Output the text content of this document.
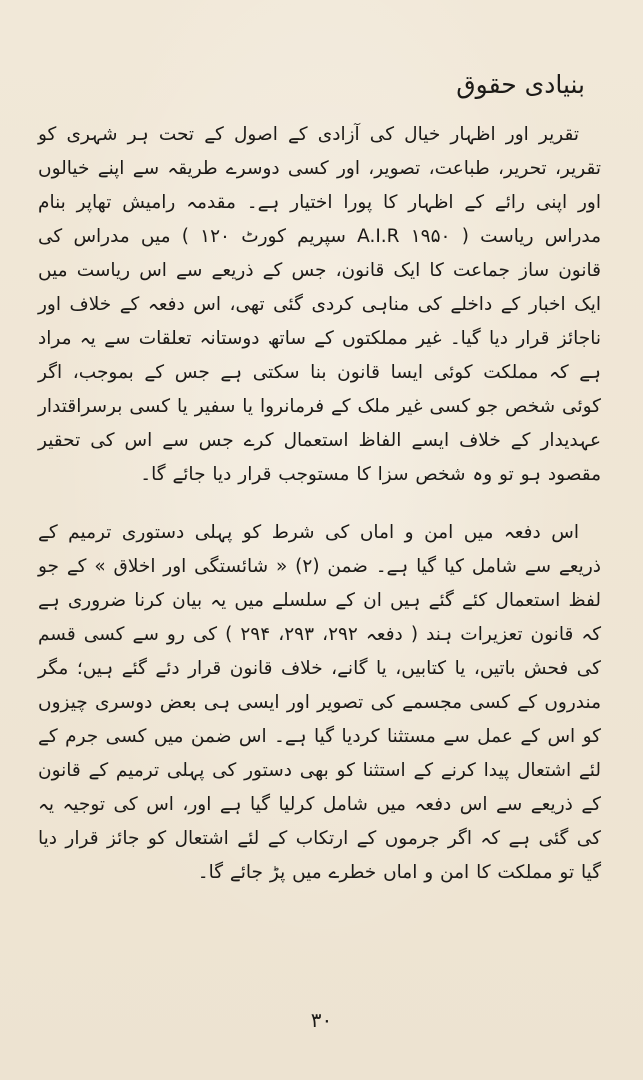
بنیادی حقوق

تقریر اور اظہار خیال کی آزادی کے اصول کے تحت ہر شہری کو تقریر، تحریر، طباعت، تصویر، اور کسی دوسرے طریقہ سے اپنے خیالوں اور اپنی رائے کے اظہار کا پورا اختیار ہے۔ مقدمہ رامیش تھاپر بنام مدراس ریاست ( A.I.R ۱۹۵۰ سپریم کورٹ ۱۲۰ ) میں مدراس کی قانون ساز جماعت کا ایک قانون، جس کے ذریعے سے اس ریاست میں ایک اخبار کے داخلے کی مناہی کردی گئی تھی، اس دفعہ کے خلاف اور ناجائز قرار دیا گیا۔ غیر مملکتوں کے ساتھ دوستانہ تعلقات سے یہ مراد ہے کہ مملکت کوئی ایسا قانون بنا سکتی ہے جس کے بموجب، اگر کوئی شخص جو کسی غیر ملک کے فرمانروا یا سفیر یا کسی برسراقتدار عہدیدار کے خلاف ایسے الفاظ استعمال کرے جس سے اس کی تحقیر مقصود ہو تو وہ شخص سزا کا مستوجب قرار دیا جائے گا۔

اس دفعہ میں امن و اماں کی شرط کو پہلی دستوری ترمیم کے ذریعے سے شامل کیا گیا ہے۔ ضمن (۲) « شائستگی اور اخلاق » کے جو لفظ استعمال کئے گئے ہیں ان کے سلسلے میں یہ بیان کرنا ضروری ہے کہ قانون تعزیرات ہند ( دفعہ ۲۹۲، ۲۹۳، ۲۹۴ ) کی رو سے کسی قسم کی فحش باتیں، یا کتابیں، یا گانے، خلاف قانون قرار دئے گئے ہیں؛ مگر مندروں کے کسی مجسمے کی تصویر اور ایسی ہی بعض دوسری چیزوں کو اس کے عمل سے مستثنا کردیا گیا ہے۔ اس ضمن میں کسی جرم کے لئے اشتعال پیدا کرنے کے استثنا کو بھی دستور کی پہلی ترمیم کے قانون کے ذریعے سے اس دفعہ میں شامل کرلیا گیا ہے اور، اس کی توجیہ یہ کی گئی ہے کہ اگر جرموں کے ارتکاب کے لئے اشتعال کو جائز قرار دیا گیا تو مملکت کا امن و اماں خطرے میں پڑ جائے گا۔

۳۰
